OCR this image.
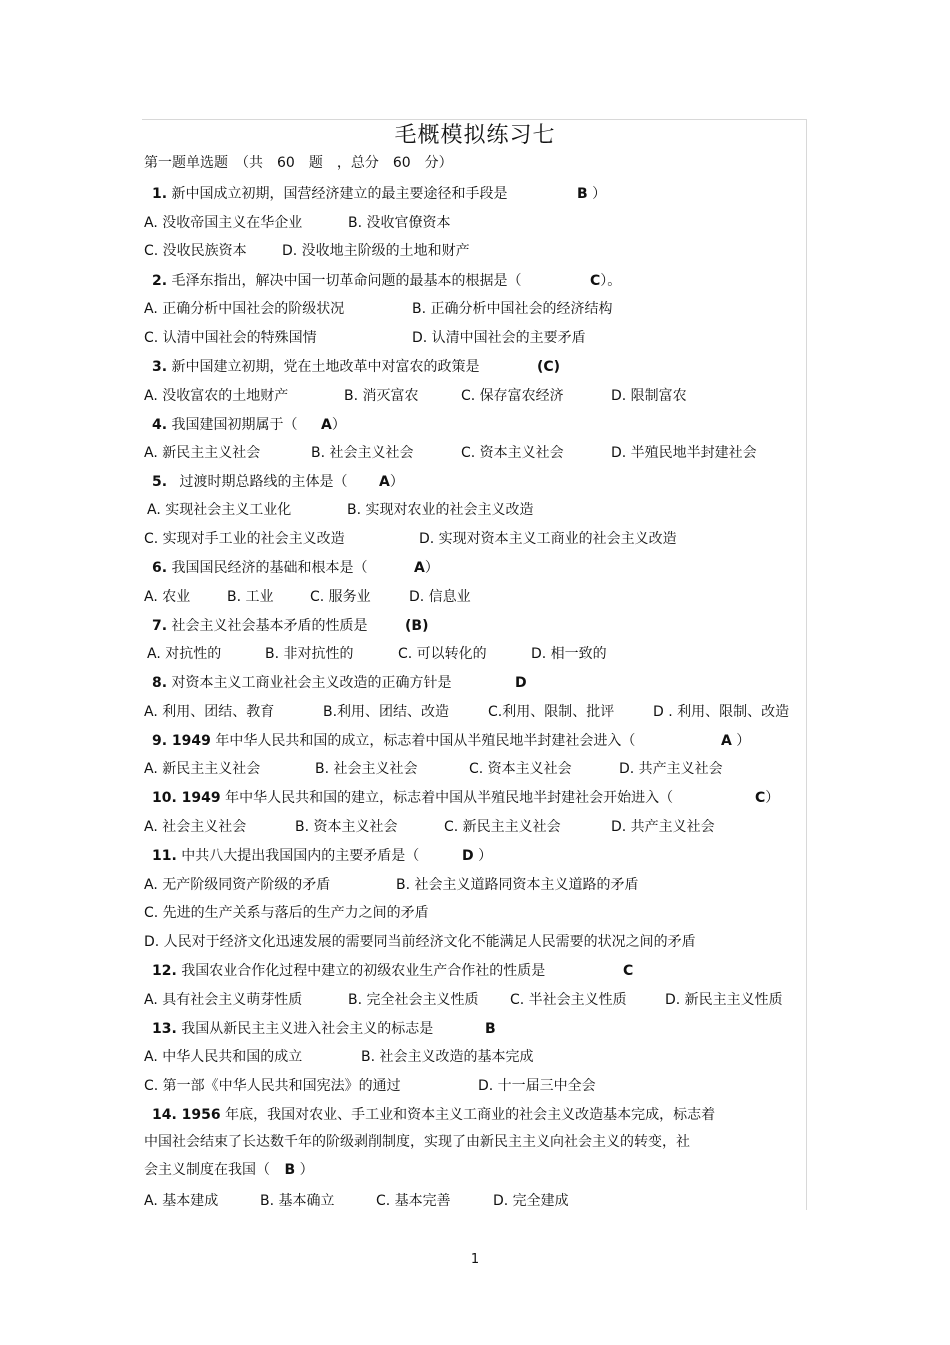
毛概模拟练习七
第一题单选题　（共　60　题　，总分　60　分）
1. 新中国成立初期，国营经济建立的最主要途径和手段是	B ）
A. 没收帝国主义在华企业	B. 没收官僚资本
C. 没收民族资本	D. 没收地主阶级的土地和财产
2. 毛泽东指出，解决中国一切革命问题的最基本的根据是（	C）。
A. 正确分析中国社会的阶级状况	B. 正确分析中国社会的经济结构
C. 认清中国社会的特殊国情	D. 认清中国社会的主要矛盾
3. 新中国建立初期，党在土地改革中对富农的政策是	(C)
A. 没收富农的土地财产	B. 消灭富农	C. 保存富农经济	D. 限制富农
4. 我国建国初期属于（ A）
A. 新民主主义社会	B. 社会主义社会	C. 资本主义社会	D. 半殖民地半封建社会
5. 过渡时期总路线的主体是（ A）
A. 实现社会主义工业化	B. 实现对农业的社会主义改造
C. 实现对手工业的社会主义改造	D. 实现对资本主义工商业的社会主义改造
6. 我国国民经济的基础和根本是（	A）
A. 农业	B. 工业	C. 服务业	D. 信息业
7. 社会主义社会基本矛盾的性质是	(B)
A. 对抗性的	B. 非对抗性的	C. 可以转化的	D. 相一致的
8. 对资本主义工商业社会主义改造的正确方针是	D
A. 利用、团结、教育	B.利用、团结、改造	C.利用、限制、批评	D . 利用、限制、改造
9. 1949 年中华人民共和国的成立，标志着中国从半殖民地半封建社会进入（	A ）
A. 新民主主义社会	B. 社会主义社会	C. 资本主义社会	D. 共产主义社会
10. 1949 年中华人民共和国的建立，标志着中国从半殖民地半封建社会开始进入（	C）
A. 社会主义社会	B. 资本主义社会	C. 新民主主义社会	D. 共产主义社会
11. 中共八大提出我国国内的主要矛盾是（	D ）
A. 无产阶级同资产阶级的矛盾	B. 社会主义道路同资本主义道路的矛盾
C. 先进的生产关系与落后的生产力之间的矛盾
D. 人民对于经济文化迅速发展的需要同当前经济文化不能满足人民需要的状况之间的矛盾
12. 我国农业合作化过程中建立的初级农业生产合作社的性质是	C
A. 具有社会主义萌芽性质	B. 完全社会主义性质 C. 半社会主义性质	D. 新民主主义性质
13. 我国从新民主主义进入社会主义的标志是	B
A. 中华人民共和国的成立	B. 社会主义改造的基本完成
C. 第一部《中华人民共和国宪法》的通过	D. 十一届三中全会
14. 1956 年底，我国对农业、手工业和资本主义工商业的社会主义改造基本完成，标志着
中国社会结束了长达数千年的阶级剥削制度，实现了由新民主主义向社会主义的转变，社
会主义制度在我国（ B ）
A. 基本建成	B. 基本确立	C. 基本完善	D. 完全建成
1
